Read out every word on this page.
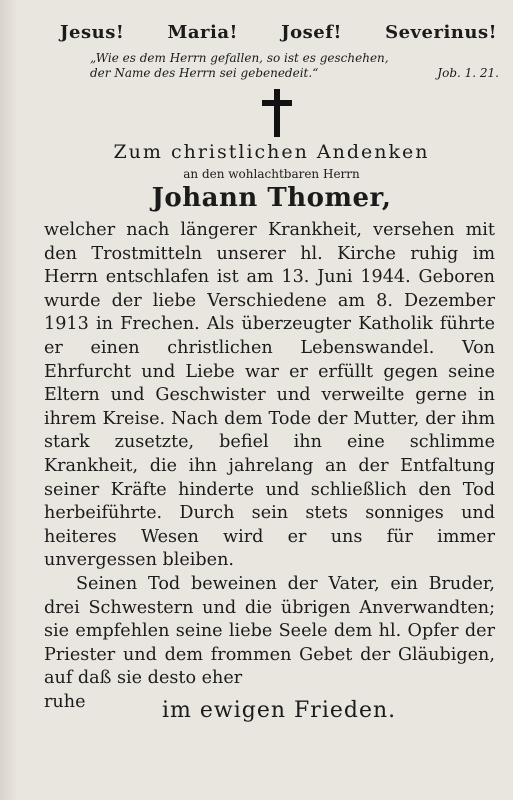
Jesus! Maria! Josef! Severinus!
„Wie es dem Herrn gefallen, so ist es geschehen,
der Name des Herrn sei gebenedeit.“	Job. 1. 21.
Zum christlichen Andenken
an den wohlachtbaren Herrn
Johann Thomer,

welcher nach längerer Krankheit, versehen mit den Trostmitteln unserer hl. Kirche ruhig im Herrn entschlafen ist am 13. Juni 1944. Geboren wurde der liebe Verschiedene am 8. Dezember 1913 in Frechen. Als überzeugter Katholik führte er einen christlichen Lebenswandel. Von Ehrfurcht und Liebe war er erfüllt gegen seine Eltern und Geschwister und verweilte gerne in ihrem Kreise. Nach dem Tode der Mutter, der ihm stark zusetzte, befiel ihn eine schlimme Krankheit, die ihn jahrelang an der Entfaltung seiner Kräfte hinderte und schließlich den Tod herbeiführte. Durch sein stets sonniges und heiteres Wesen wird er uns für immer unvergessen bleiben.

Seinen Tod beweinen der Vater, ein Bruder, drei Schwestern und die übrigen Anverwandten; sie empfehlen seine liebe Seele dem hl. Opfer der Priester und dem frommen Gebet der Gläubigen, auf daß sie desto eher

ruhe	im ewigen Frieden.
